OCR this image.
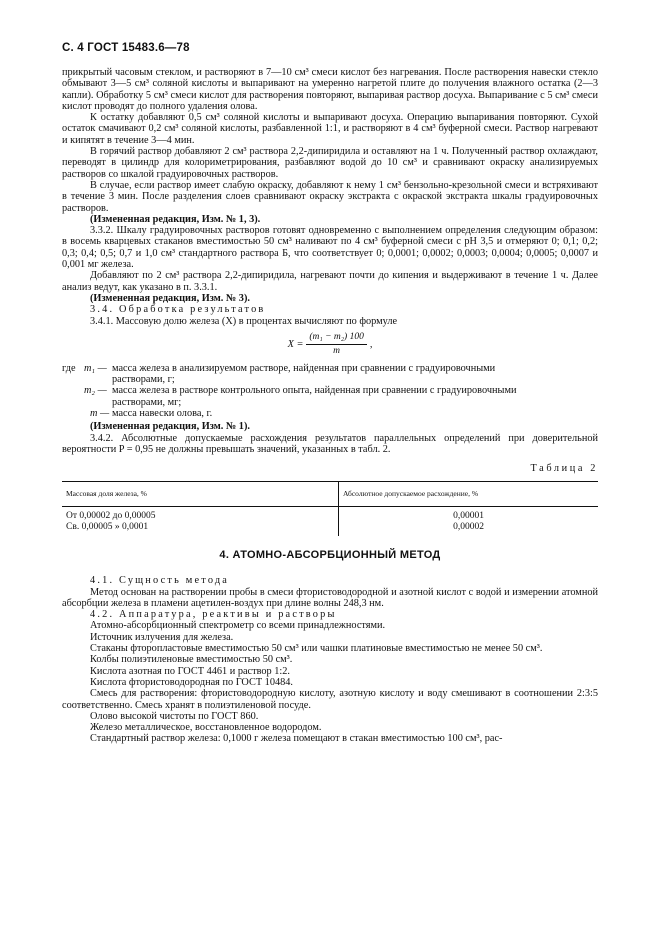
С. 4 ГОСТ 15483.6—78

прикрытый часовым стеклом, и растворяют в 7—10 см³ смеси кислот без нагревания. После растворения навески стекло обмывают 3—5 см³ соляной кислоты и выпаривают на умеренно нагретой плите до получения влажного остатка (2—3 капли). Обработку 5 см³ смеси кислот для растворения повторяют, выпаривая раствор досуха. Выпаривание с 5 см³ смеси кислот проводят до полного удаления олова.

К остатку добавляют 0,5 см³ соляной кислоты и выпаривают досуха. Операцию выпаривания повторяют. Сухой остаток смачивают 0,2 см³ соляной кислоты, разбавленной 1:1, и растворяют в 4 см³ буферной смеси. Раствор нагревают и кипятят в течение 3—4 мин.

В горячий раствор добавляют 2 см³ раствора 2,2-дипиридила и оставляют на 1 ч. Полученный раствор охлаждают, переводят в цилиндр для колориметрирования, разбавляют водой до 10 см³ и сравнивают окраску анализируемых растворов со шкалой градуировочных растворов.

В случае, если раствор имеет слабую окраску, добавляют к нему 1 см³ бензольно-крезольной смеси и встряхивают в течение 3 мин. После разделения слоев сравнивают окраску экстракта с окраской экстракта шкалы градуировочных растворов.

(Измененная редакция, Изм. № 1, 3).

3.3.2. Шкалу градуировочных растворов готовят одновременно с выполнением определения следующим образом: в восемь кварцевых стаканов вместимостью 50 см³ наливают по 4 см³ буферной смеси с pH 3,5 и отмеряют 0; 0,1; 0,2; 0,3; 0,4; 0,5; 0,7 и 1,0 см³ стандартного раствора Б, что соответствует 0; 0,0001; 0,0002; 0,0003; 0,0004; 0,0005; 0,0007 и 0,001 мг железа.

Добавляют по 2 см³ раствора 2,2-дипиридила, нагревают почти до кипения и выдерживают в течение 1 ч. Далее анализ ведут, как указано в п. 3.3.1.

(Измененная редакция, Изм. № 3).

3.4. Обработка результатов

3.4.1. Массовую долю железа (X) в процентах вычисляют по формуле

$X = \frac{\text{(m₁ − m₂) 100}}{m}$ ,
где m₁ — масса железа в анализируемом растворе, найденная при сравнении с градуировочными
растворами, г;
m₂ — масса железа в растворе контрольного опыта, найденная при сравнении с градуировочными
растворами, мг;
m — масса навески олова, г.

(Измененная редакция, Изм. № 1).

3.4.2. Абсолютные допускаемые расхождения результатов параллельных определений при доверительной вероятности P = 0,95 не должны превышать значений, указанных в табл. 2.

Таблица 2
Массовая доля железа, %	Абсолютное допускаемое расхождение, %
От 0,00002 до 0,00005	0,00001
Св. 0,00005 » 0,0001	0,00002
4. АТОМНО-АБСОРБЦИОННЫЙ МЕТОД

4.1. Сущность метода

Метод основан на растворении пробы в смеси фтористоводородной и азотной кислот с водой и измерении атомной абсорбции железа в пламени ацетилен-воздух при длине волны 248,3 нм.

4.2. Аппаратура, реактивы и растворы

Атомно-абсорбционный спектрометр со всеми принадлежностями.

Источник излучения для железа.

Стаканы фторопластовые вместимостью 50 см³ или чашки платиновые вместимостью не менее 50 см³.

Колбы полиэтиленовые вместимостью 50 см³.

Кислота азотная по ГОСТ 4461 и раствор 1:2.

Кислота фтористоводородная по ГОСТ 10484.

Смесь для растворения: фтористоводородную кислоту, азотную кислоту и воду смешивают в соотношении 2:3:5 соответственно. Смесь хранят в полиэтиленовой посуде.

Олово высокой чистоты по ГОСТ 860.

Железо металлическое, восстановленное водородом.

Стандартный раствор железа: 0,1000 г железа помещают в стакан вместимостью 100 см³, рас-
